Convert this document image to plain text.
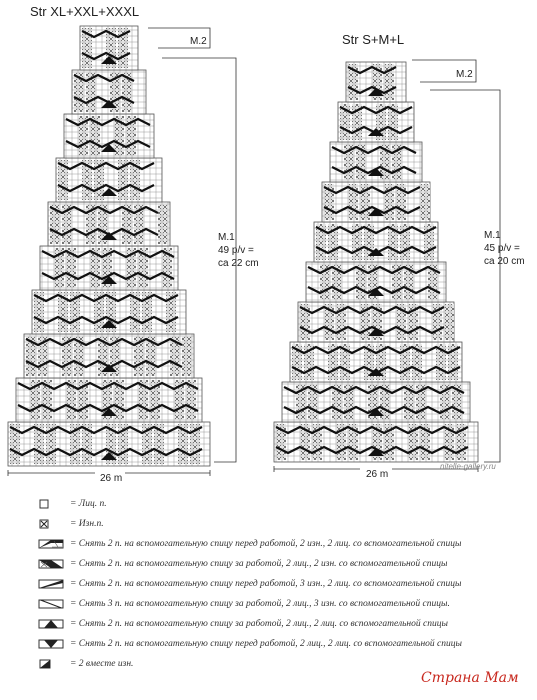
Str XL+XXL+XXXL
M.2
M.1
49 p/v =
ca 22 cm
26 m
Str S+M+L
M.2
M.1
45 p/v =
ca 20 cm
26 m
nitelle-gallery.ru
= Лиц. п.
= Изн.п.
= Снять 2 п. на вспомогательную спицу перед работой, 2 изн., 2 лиц. со вспомогательной спицы
= Снять 2 п. на вспомогательную спицу за работой, 2 лиц., 2 изн. со вспомогательной спицы
= Снять 2 п. на вспомогательную спицу перед работой, 3 изн., 2 лиц. со вспомогательной спицы
= Снять 3 п. на вспомогательную спицу за работой, 2 лиц., 3 изн. со вспомогательной спицы.
= Снять 2 п. на вспомогательную спицу за работой, 2 лиц., 2 лиц. со вспомогательной спицы
= Снять 2 п. на вспомогательную спицу перед работой, 2 лиц., 2 лиц. со вспомогательной спицы
= 2 вместе изн.
Страна Мам
